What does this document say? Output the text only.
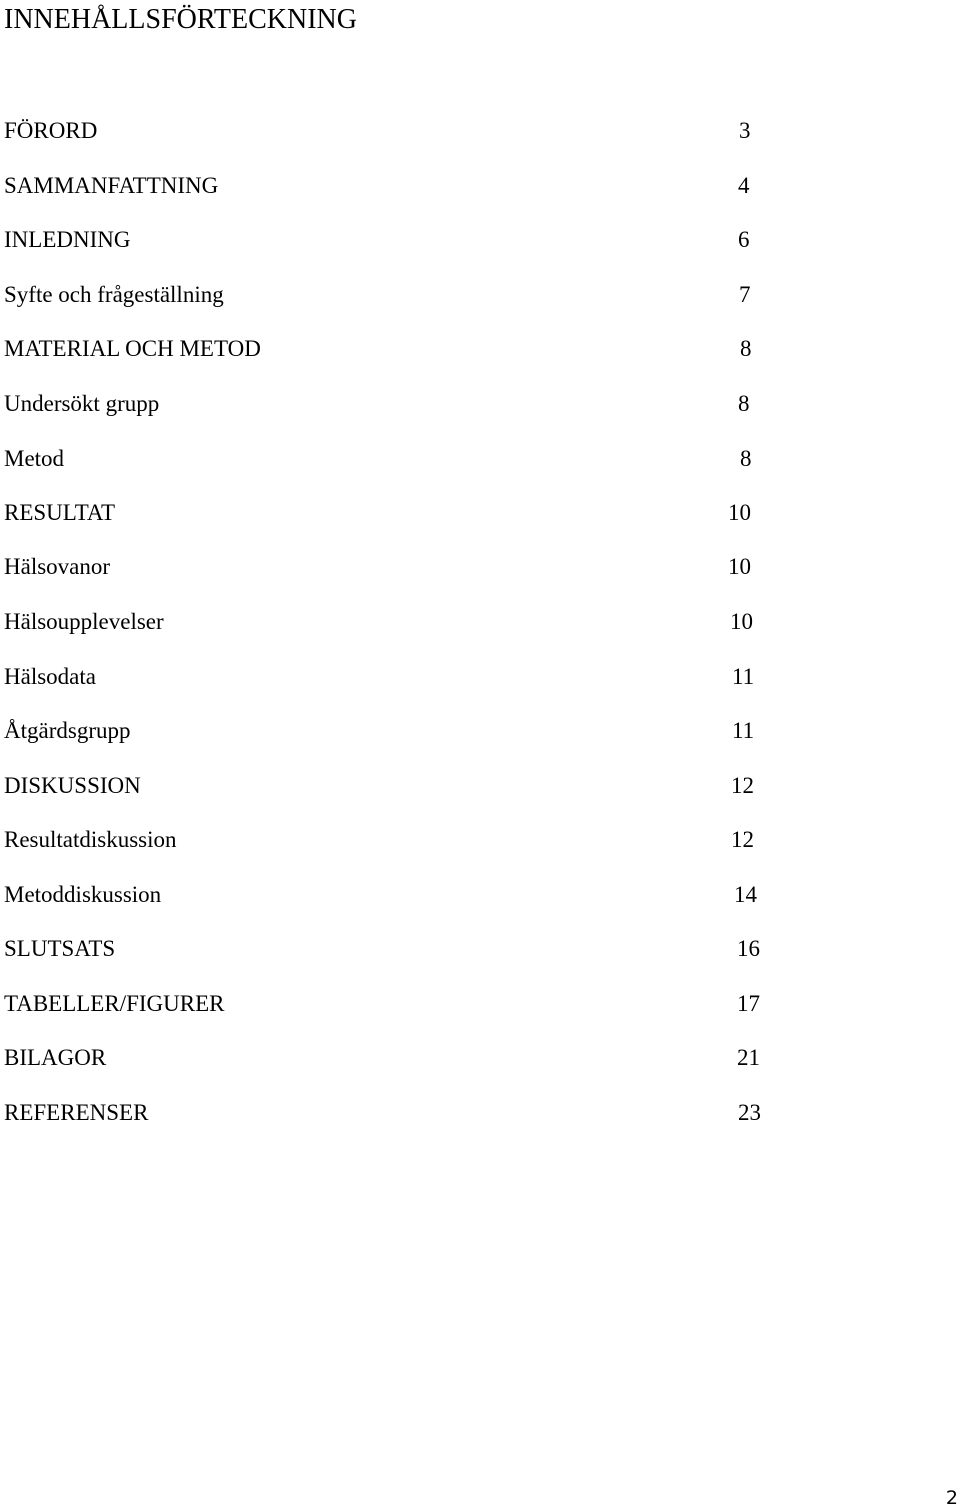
INNEHÅLLSFÖRTECKNING
FÖRORD	3
SAMMANFATTNING	4
INLEDNING	6
Syfte och frågeställning	7
MATERIAL OCH METOD	8
Undersökt grupp	8
Metod	8
RESULTAT	10
Hälsovanor	10
Hälsoupplevelser	10
Hälsodata	11
Åtgärdsgrupp	11
DISKUSSION	12
Resultatdiskussion	12
Metoddiskussion	14
SLUTSATS	16
TABELLER/FIGURER	17
BILAGOR	21
REFERENSER	23
2
